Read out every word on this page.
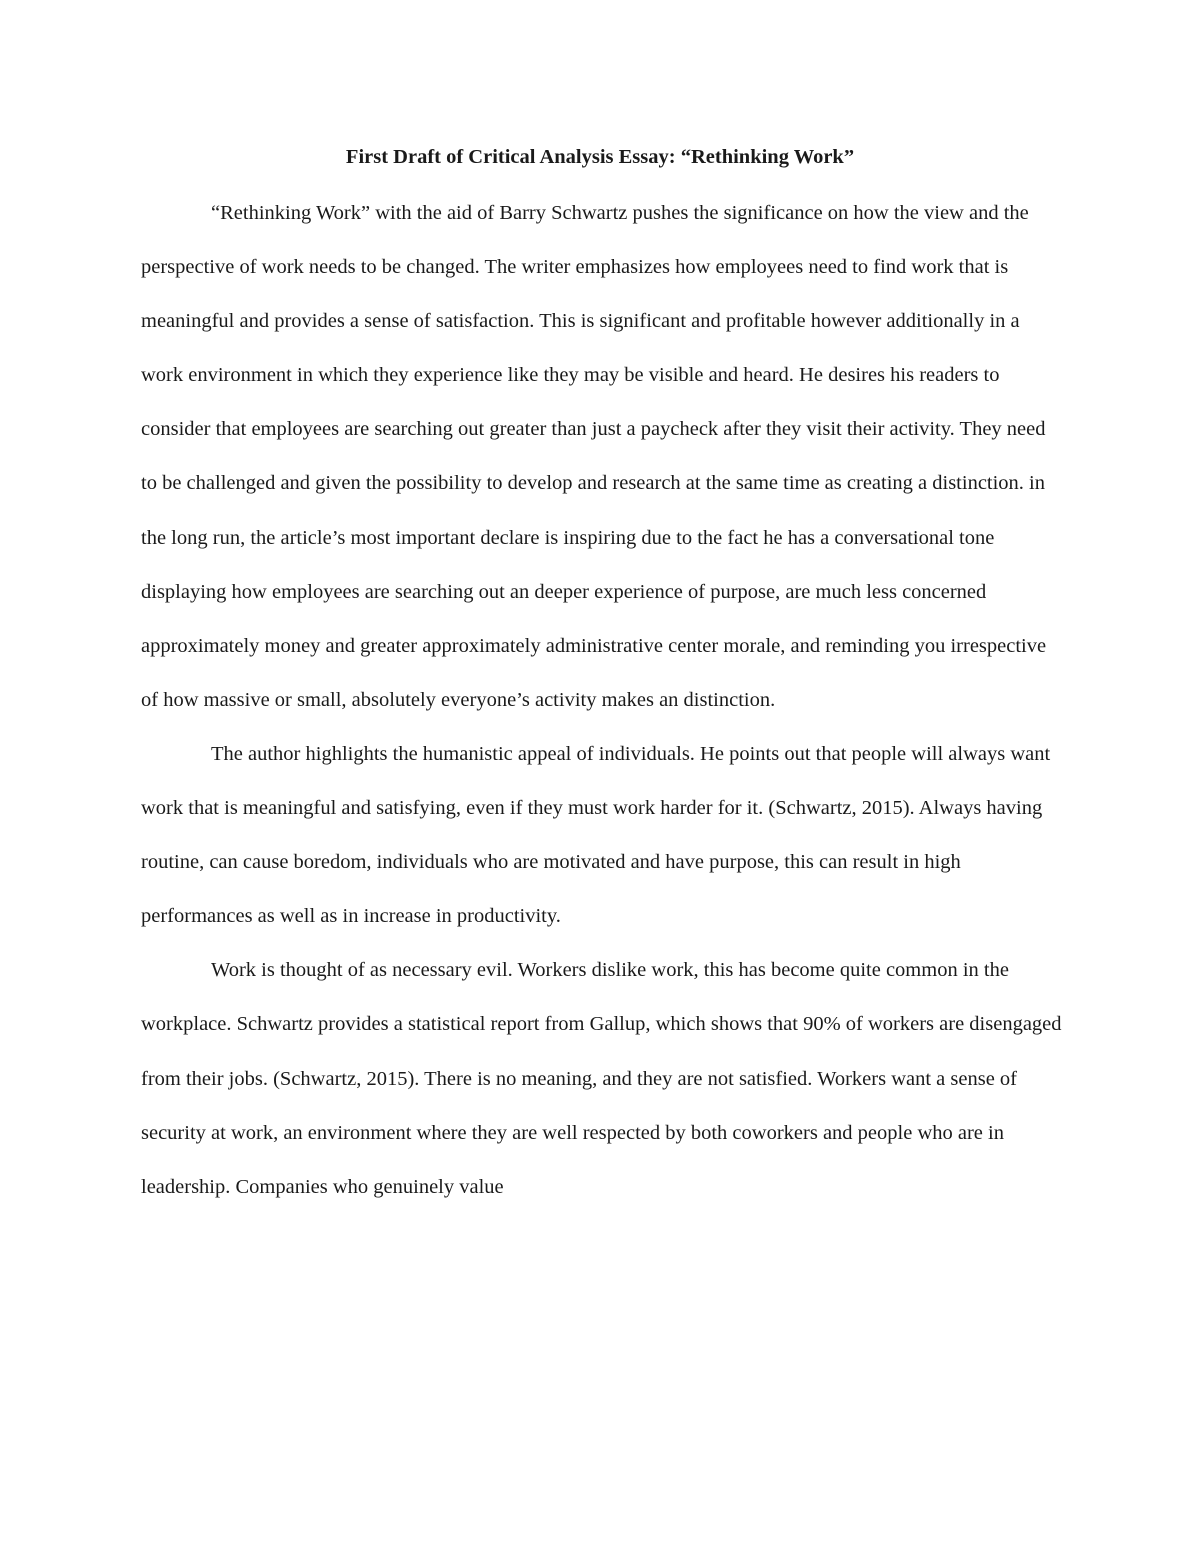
First Draft of Critical Analysis Essay: “Rethinking Work”

“Rethinking Work” with the aid of Barry Schwartz pushes the significance on how the view and the perspective of work needs to be changed. The writer emphasizes how employees need to find work that is meaningful and provides a sense of satisfaction. This is significant and profitable however additionally in a work environment in which they experience like they may be visible and heard. He desires his readers to consider that employees are searching out greater than just a paycheck after they visit their activity. They need to be challenged and given the possibility to develop and research at the same time as creating a distinction. in the long run, the article’s most important declare is inspiring due to the fact he has a conversational tone displaying how employees are searching out an deeper experience of purpose, are much less concerned approximately money and greater approximately administrative center morale, and reminding you irrespective of how massive or small, absolutely everyone’s activity makes an distinction.

The author highlights the humanistic appeal of individuals. He points out that people will always want work that is meaningful and satisfying, even if they must work harder for it. (Schwartz, 2015). Always having routine, can cause boredom, individuals who are motivated and have purpose, this can result in high performances as well as in increase in productivity.

Work is thought of as necessary evil. Workers dislike work, this has become quite common in the workplace. Schwartz provides a statistical report from Gallup, which shows that 90% of workers are disengaged from their jobs. (Schwartz, 2015). There is no meaning, and they are not satisfied. Workers want a sense of security at work, an environment where they are well respected by both coworkers and people who are in leadership. Companies who genuinely value
